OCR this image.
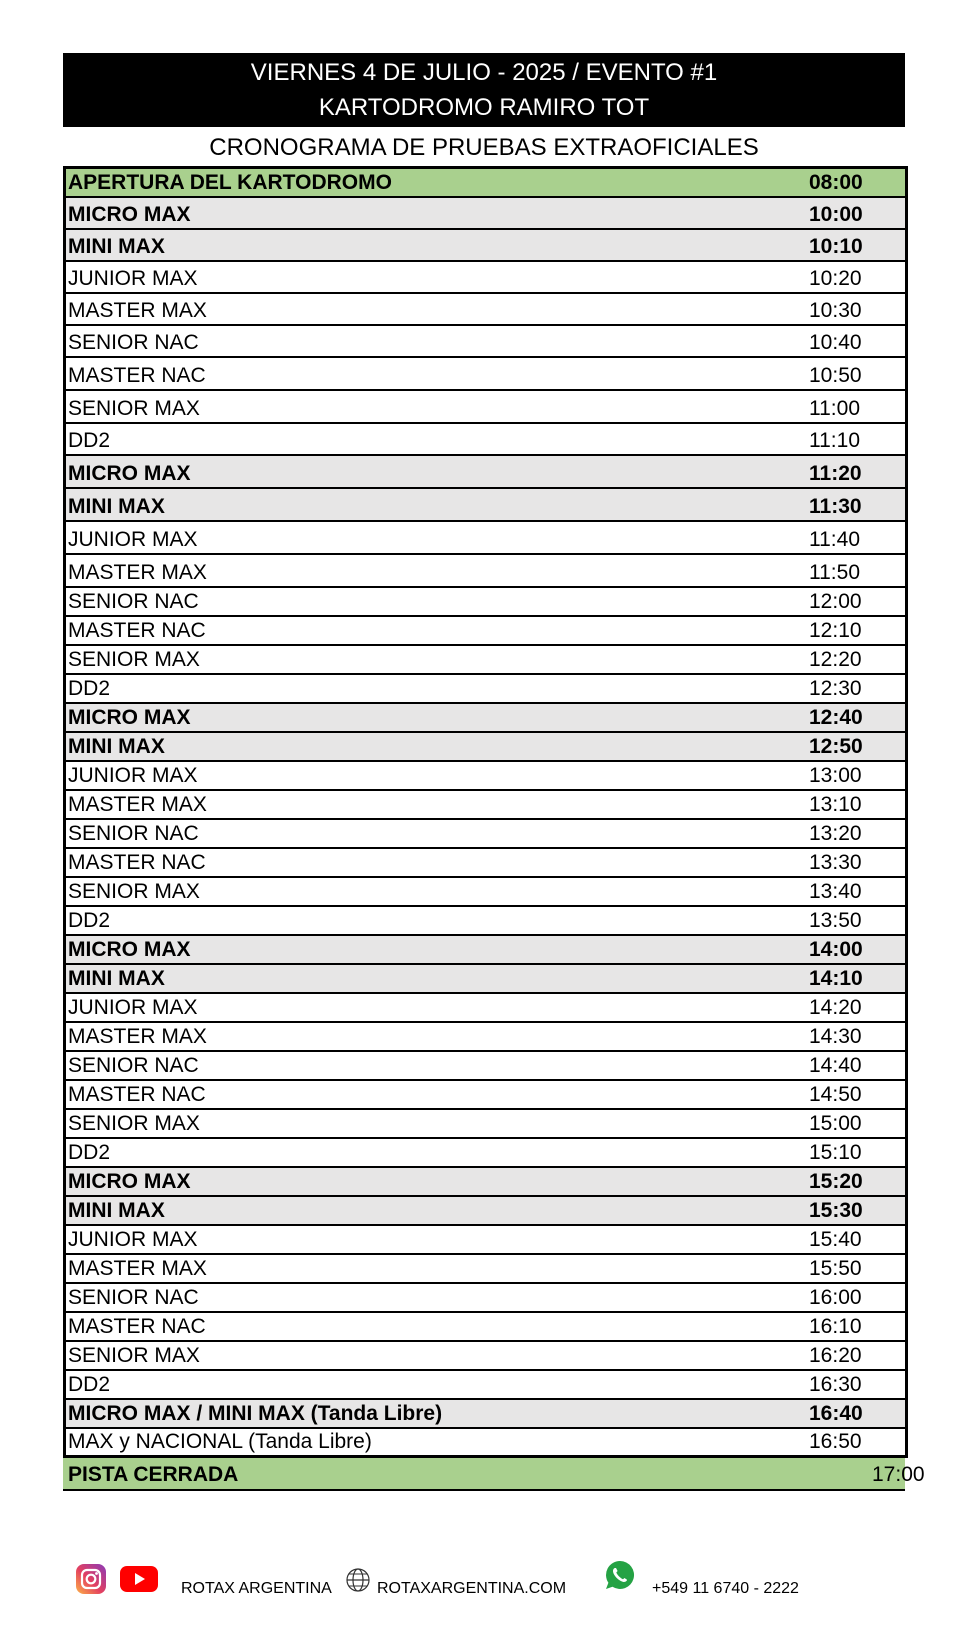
VIERNES 4 DE JULIO - 2025 / EVENTO #1
KARTODROMO RAMIRO TOT
CRONOGRAMA DE PRUEBAS EXTRAOFICIALES
APERTURA DEL KARTODROMO	08:00
MICRO MAX	10:00
MINI MAX	10:10
JUNIOR MAX	10:20
MASTER MAX	10:30
SENIOR NAC	10:40
MASTER NAC	10:50
SENIOR MAX	11:00
DD2	11:10
MICRO MAX	11:20
MINI MAX	11:30
JUNIOR MAX	11:40
MASTER MAX	11:50
SENIOR NAC	12:00
MASTER NAC	12:10
SENIOR MAX	12:20
DD2	12:30
MICRO MAX	12:40
MINI MAX	12:50
JUNIOR MAX	13:00
MASTER MAX	13:10
SENIOR NAC	13:20
MASTER NAC	13:30
SENIOR MAX	13:40
DD2	13:50
MICRO MAX	14:00
MINI MAX	14:10
JUNIOR MAX	14:20
MASTER MAX	14:30
SENIOR NAC	14:40
MASTER NAC	14:50
SENIOR MAX	15:00
DD2	15:10
MICRO MAX	15:20
MINI MAX	15:30
JUNIOR MAX	15:40
MASTER MAX	15:50
SENIOR NAC	16:00
MASTER NAC	16:10
SENIOR MAX	16:20
DD2	16:30
MICRO MAX / MINI MAX (Tanda Libre)	16:40
MAX y NACIONAL (Tanda Libre)	16:50
PISTA CERRADA	17:00
ROTAX ARGENTINA	ROTAXARGENTINA.COM	+549 11 6740 - 2222
